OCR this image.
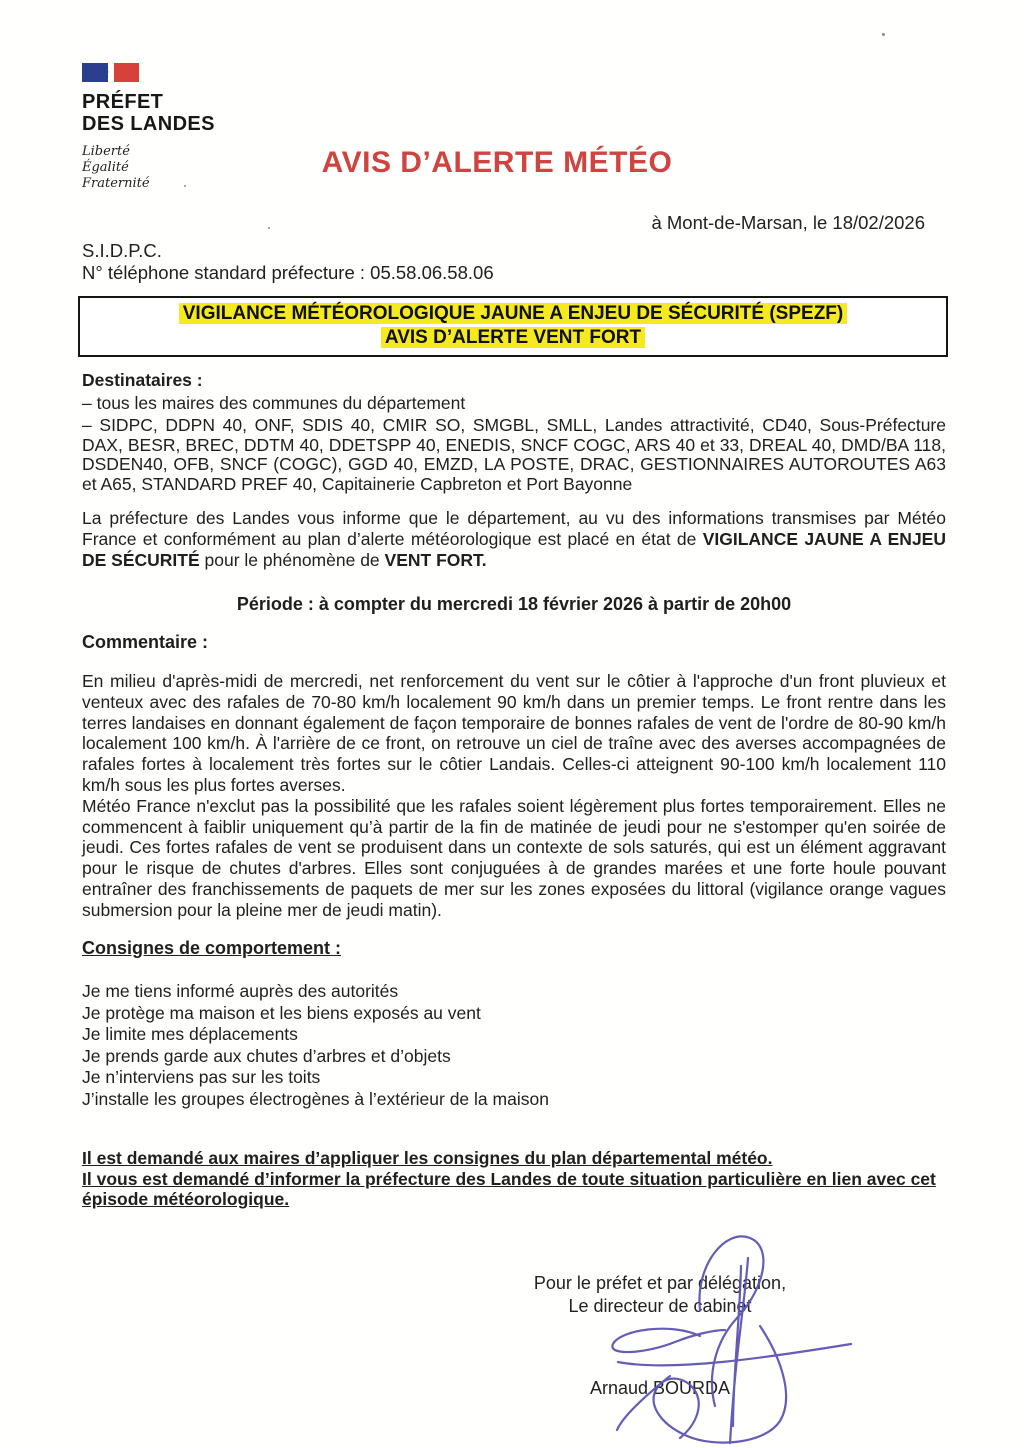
PRÉFET
DES LANDES
Liberté
Égalité
Fraternité
AVIS D’ALERTE MÉTÉO
à Mont-de-Marsan, le 18/02/2026
S.I.D.P.C.
N° téléphone standard préfecture : 05.58.06.58.06
VIGILANCE MÉTÉOROLOGIQUE JAUNE A ENJEU DE SÉCURITÉ (SPEZF)
AVIS D’ALERTE VENT FORT
Destinataires :
– tous les maires des communes du département
– SIDPC, DDPN 40, ONF, SDIS 40, CMIR SO, SMGBL, SMLL, Landes attractivité, CD40, Sous-Préfecture DAX, BESR, BREC, DDTM 40, DDETSPP 40, ENEDIS, SNCF COGC, ARS 40 et 33, DREAL 40, DMD/BA 118, DSDEN40, OFB, SNCF (COGC), GGD 40, EMZD, LA POSTE, DRAC, GESTIONNAIRES AUTOROUTES A63 et A65, STANDARD PREF 40, Capitainerie Capbreton et Port Bayonne
La préfecture des Landes vous informe que le département, au vu des informations transmises par Météo France et conformément au plan d’alerte météorologique est placé en état de VIGILANCE JAUNE A ENJEU DE SÉCURITÉ pour le phénomène de VENT FORT.
Période : à compter du mercredi 18 février 2026 à partir de 20h00
Commentaire :

En milieu d'après-midi de mercredi, net renforcement du vent sur le côtier à l'approche d'un front pluvieux et venteux avec des rafales de 70-80 km/h localement 90 km/h dans un premier temps. Le front rentre dans les terres landaises en donnant également de façon temporaire de bonnes rafales de vent de l'ordre de 80-90 km/h localement 100 km/h. À l'arrière de ce front, on retrouve un ciel de traîne avec des averses accompagnées de rafales fortes à localement très fortes sur le côtier Landais. Celles-ci atteignent 90-100 km/h localement 110 km/h sous les plus fortes averses.

Météo France n'exclut pas la possibilité que les rafales soient légèrement plus fortes temporairement. Elles ne commencent à faiblir uniquement qu’à partir de la fin de matinée de jeudi pour ne s'estomper qu'en soirée de jeudi. Ces fortes rafales de vent se produisent dans un contexte de sols saturés, qui est un élément aggravant pour le risque de chutes d'arbres. Elles sont conjuguées à de grandes marées et une forte houle pouvant entraîner des franchissements de paquets de mer sur les zones exposées du littoral (vigilance orange vagues submersion pour la pleine mer de jeudi matin).

Consignes de comportement :
Je me tiens informé auprès des autorités
Je protège ma maison et les biens exposés au vent
Je limite mes déplacements
Je prends garde aux chutes d’arbres et d’objets
Je n’interviens pas sur les toits
J’installe les groupes électrogènes à l’extérieur de la maison

Il est demandé aux maires d’appliquer les consignes du plan départemental météo.

Il vous est demandé d’informer la préfecture des Landes de toute situation particulière en lien avec cet épisode météorologique.

Pour le préfet et par délégation,
Le directeur de cabinet
Arnaud BOURDA
